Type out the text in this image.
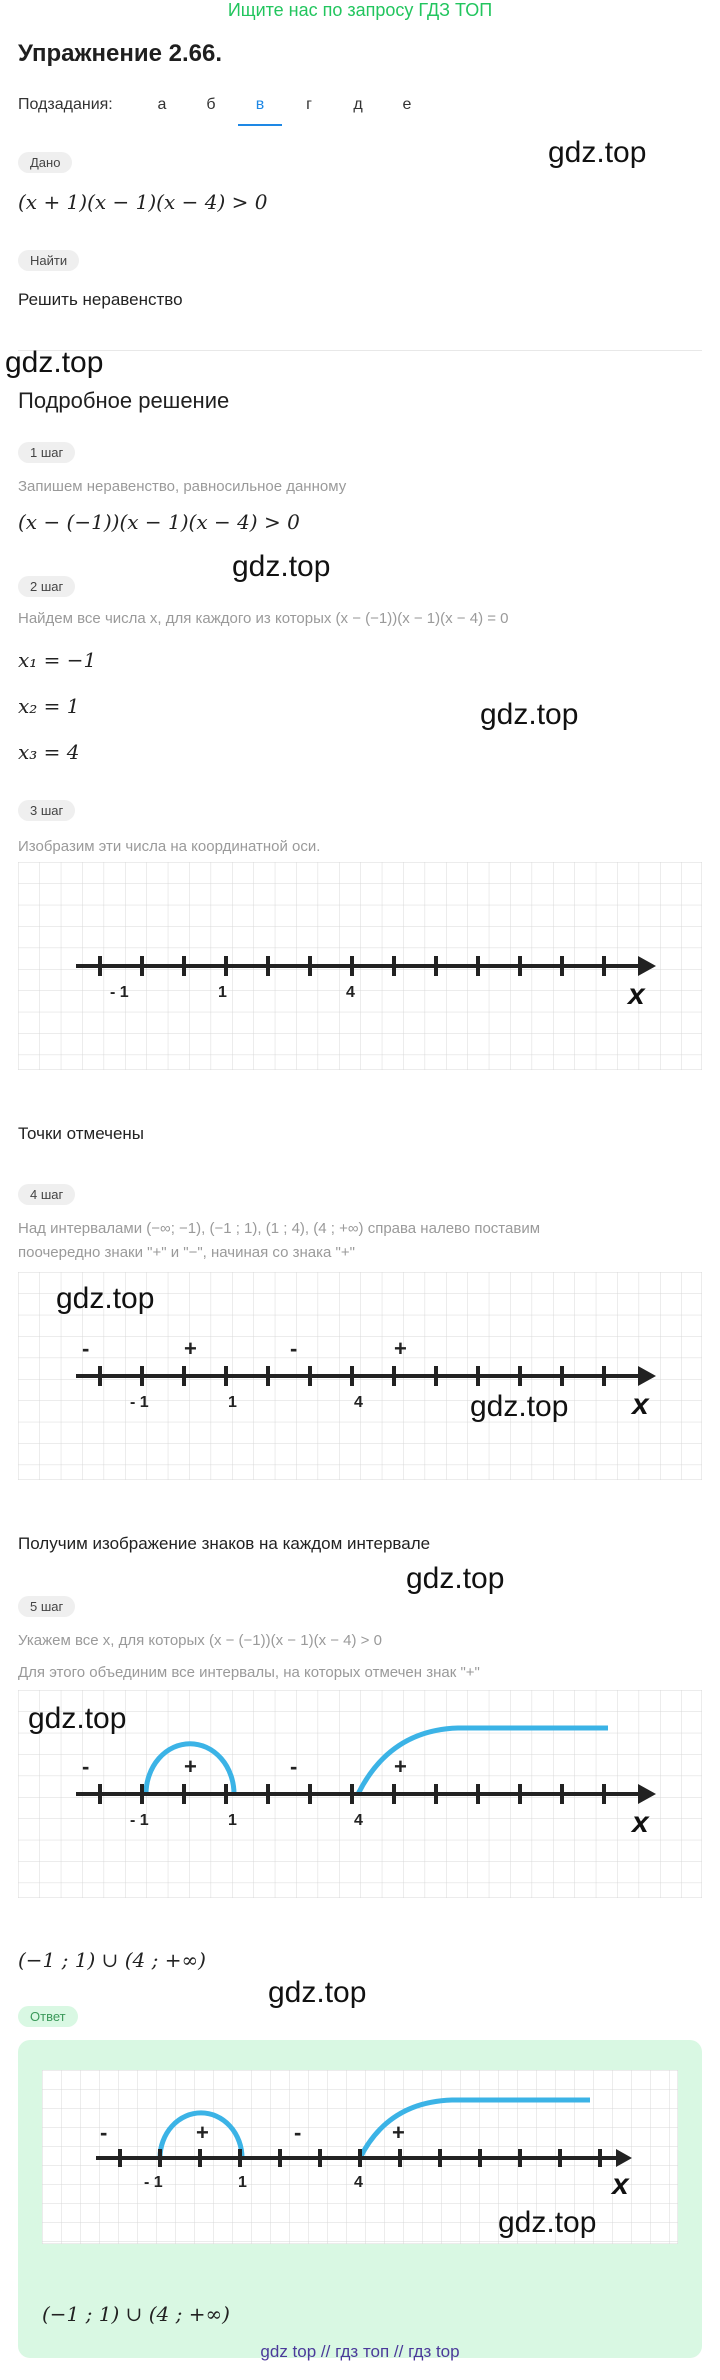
Ищите нас по запросу ГДЗ ТОП
Упражнение 2.66.
Подзадания:	а	б	в	г	д	е
gdz.top
Дано
(x + 1)(x − 1)(x − 4) > 0
Найти
Решить неравенство
gdz.top
Подробное решение
1 шаг
Запишем неравенство, равносильное данному
(x − (−1))(x − 1)(x − 4) > 0
gdz.top
2 шаг
Найдем все числа x, для каждого из которых (x − (−1))(x − 1)(x − 4) = 0
x₁ = −1
x₂ = 1
x₃ = 4
gdz.top
3 шаг
Изобразим эти числа на координатной оси.
- 1	1	4	x
Точки отмечены
4 шаг
Над интервалами (−∞; −1), (−1 ; 1), (1 ; 4), (4 ; +∞) справа налево поставим
поочередно знаки "+" и "−", начиная со знака "+"
gdz.top
-	+	-	+
- 1	1	4	x
gdz.top
Получим изображение знаков на каждом интервале
gdz.top
5 шаг
Укажем все x, для которых (x − (−1))(x − 1)(x − 4) > 0
Для этого объединим все интервалы, на которых отмечен знак "+"
gdz.top
-	+	-	+
- 1	1	4	x
(−1 ; 1) ∪ (4 ; +∞)
gdz.top
Ответ
-	+	-	+
- 1	1	4	x
gdz.top
(−1 ; 1) ∪ (4 ; +∞)
gdz top // гдз топ // гдз top
